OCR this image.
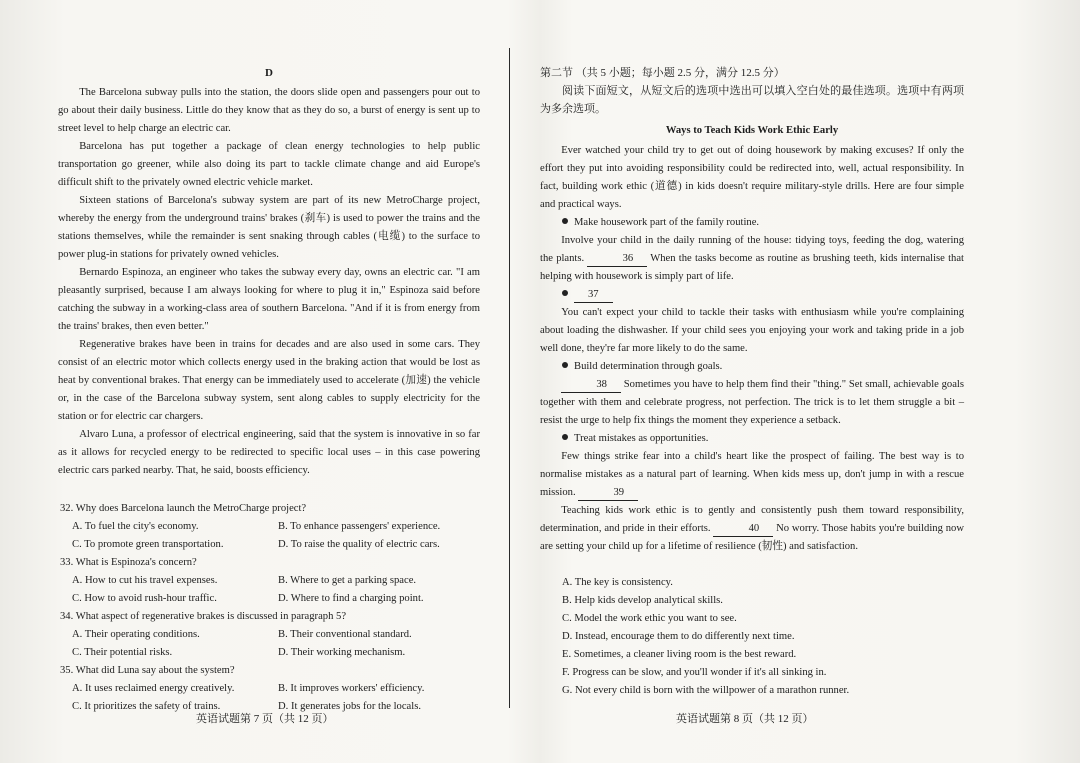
D

The Barcelona subway pulls into the station, the doors slide open and passengers pour out to go about their daily business. Little do they know that as they do so, a burst of energy is sent up to street level to help charge an electric car.

Barcelona has put together a package of clean energy technologies to help public transportation go greener, while also doing its part to tackle climate change and aid Europe's difficult shift to the privately owned electric vehicle market.

Sixteen stations of Barcelona's subway system are part of its new MetroCharge project, whereby the energy from the underground trains' brakes (刹车) is used to power the trains and the stations themselves, while the remainder is sent snaking through cables (电缆) to the surface to power plug-in stations for privately owned vehicles.

Bernardo Espinoza, an engineer who takes the subway every day, owns an electric car. "I am pleasantly surprised, because I am always looking for where to plug it in," Espinoza said before catching the subway in a working-class area of southern Barcelona. "And if it is from energy from the trains' brakes, then even better."

Regenerative brakes have been in trains for decades and are also used in some cars. They consist of an electric motor which collects energy used in the braking action that would be lost as heat by conventional brakes. That energy can be immediately used to accelerate (加速) the vehicle or, in the case of the Barcelona subway system, sent along cables to supply electricity for the station or for electric car chargers.

Alvaro Luna, a professor of electrical engineering, said that the system is innovative in so far as it allows for recycled energy to be redirected to specific local uses – in this case powering electric cars parked nearby. That, he said, boosts efficiency.

32. Why does Barcelona launch the MetroCharge project?
A. To fuel the city's economy.	B. To enhance passengers' experience.
C. To promote green transportation.	D. To raise the quality of electric cars.
33. What is Espinoza's concern?
A. How to cut his travel expenses.	B. Where to get a parking space.
C. How to avoid rush-hour traffic.	D. Where to find a charging point.
34. What aspect of regenerative brakes is discussed in paragraph 5?
A. Their operating conditions.	B. Their conventional standard.
C. Their potential risks.	D. Their working mechanism.
35. What did Luna say about the system?
A. It uses reclaimed energy creatively.	B. It improves workers' efficiency.
C. It prioritizes the safety of trains.	D. It generates jobs for the locals.
第二节 （共 5 小题；每小题 2.5 分，满分 12.5 分）

阅读下面短文，从短文后的选项中选出可以填入空白处的最佳选项。选项中有两项为多余选项。

Ways to Teach Kids Work Ethic Early

Ever watched your child try to get out of doing housework by making excuses? If only the effort they put into avoiding responsibility could be redirected into, well, actual responsibility. In fact, building work ethic (道德) in kids doesn't require military-style drills. Here are four simple and practical ways.

Make housework part of the family routine.

Involve your child in the daily running of the house: tidying toys, feeding the dog, watering the plants.	36 When the tasks become as routine as brushing teeth, kids internalise that helping with housework is simply part of life.

37

You can't expect your child to tackle their tasks with enthusiasm while you're complaining about loading the dishwasher. If your child sees you enjoying your work and taking pride in a job well done, they're far more likely to do the same.

Build determination through goals.

38 Sometimes you have to help them find their "thing." Set small, achievable goals together with them and celebrate progress, not perfection. The trick is to let them struggle a bit – resist the urge to help fix things the moment they experience a setback.

Treat mistakes as opportunities.

Few things strike fear into a child's heart like the prospect of failing. The best way is to normalise mistakes as a natural part of learning. When kids mess up, don't jump in with a rescue mission.	39

Teaching kids work ethic is to gently and consistently push them toward responsibility, determination, and pride in their efforts.	40 No worry. Those habits you're building now are setting your child up for a lifetime of resilience (韧性) and satisfaction.

A. The key is consistency.
B. Help kids develop analytical skills.
C. Model the work ethic you want to see.
D. Instead, encourage them to do differently next time.
E. Sometimes, a cleaner living room is the best reward.
F. Progress can be slow, and you'll wonder if it's all sinking in.
G. Not every child is born with the willpower of a marathon runner.
英语试题第 7 页（共 12 页）	英语试题第 8 页（共 12 页）
